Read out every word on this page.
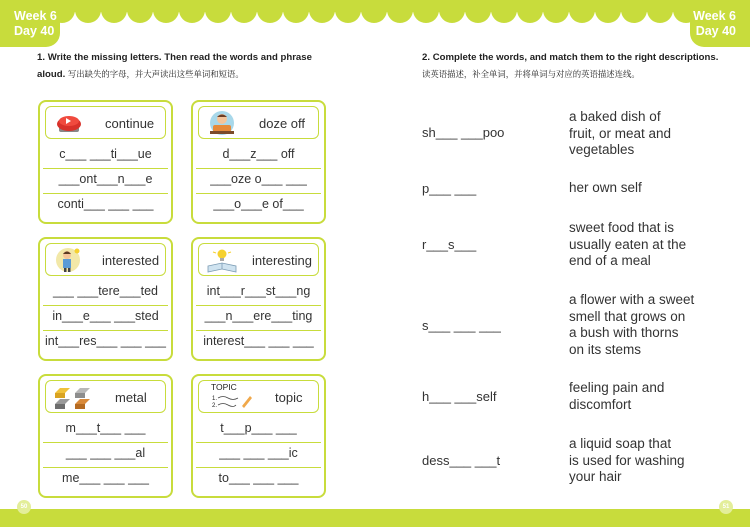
Week 6
Day 40
Week 6
Day 40
1. Write the missing letters. Then read the words and phrase aloud. 写出缺失的字母，并大声读出这些单词和短语。
continue
c___ ___ti___ue
___ont___n___e
conti___ ___ ___
doze off
d___z___ off
___oze o___ ___
___o___e of___
interested
___ ___tere___ted
in___e___ ___sted
int___res___ ___ ___
interesting
int___r___st___ng
___n___ere___ting
interest___ ___ ___
metal
m___t___ ___
___ ___ ___al
me___ ___ ___
TOPIC
1.
2.
topic
t___p___ ___
___ ___ ___ic
to___ ___ ___
2. Complete the words, and match them to the right descriptions. 读英语描述，补全单词，并将单词与对应的英语描述连线。
sh___ ___poo
p___ ___
r___s___
s___ ___ ___
h___ ___self
dess___ ___t
a baked dish of
fruit, or meat and
vegetables
her own self
sweet food that is
usually eaten at the
end of a meal
a flower with a sweet
smell that grows on
a bush with thorns
on its stems
feeling pain and
discomfort
a liquid soap that
is used for washing
your hair
50	51
